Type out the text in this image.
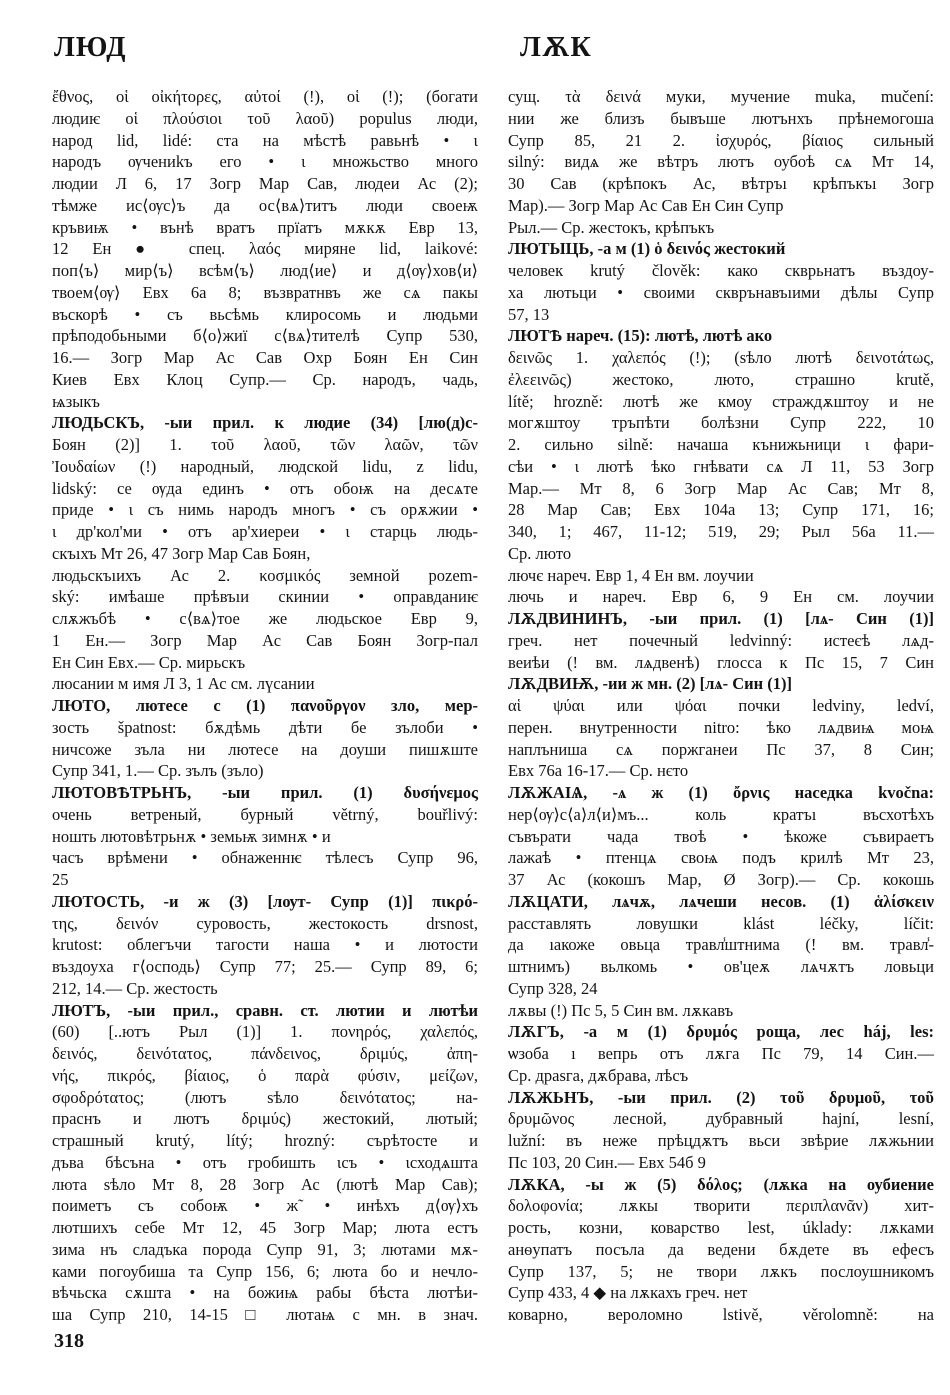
ЛЮД	ЛѪК
ἔθνος, οἱ οἰκήτορες, αὐτοί (!), οἱ (!); (богати
людиѥ οἱ πλούσιοι τοῦ λαοῦ) populus люди,
народ lid, lidé: ста на мѣстѣ равьнѣ • ι
народъ ѹчениkъ его • ι множьство много
людии Л 6, 17 Зогр Мар Сав, людеи Ас (2);
тѣмже ис⟨ѹс⟩ъ да ос⟨вѧ⟩титъ люди своеѭ
кръвиѭ • вънѣ вратъ прїатъ мѫкѫ Евр 13,
12 Ен ● спец. λαός миряне lid, laikové:
поп⟨ъ⟩ мир⟨ъ⟩ всѣм⟨ъ⟩ люд⟨ие⟩ и д⟨ѹ⟩хов⟨и⟩
твоем⟨ѹ⟩ Евх 6а 8; възвратнвъ же сѧ пакы
въскорѣ • съ вьсѣмь клиросомь и людьми
прѣподобьными б⟨о⟩жиї с⟨вѧ⟩тителѣ Супр 530,
16.— Зогр Мар Ас Сав Охр Боян Ен Син
Киев Евх Клоц Супр.— Ср. народъ, чадь,
ѩзыкъ
ЛЮДЬСКЪ, -ыи прил. к людие (34) [лю(д)с-
Боян (2)] 1. τοῦ λαοῦ, τῶν λαῶν, τῶν
Ἰουδαίων (!) народный, людской lidu, z lidu,
lidský: се ѹда единъ • отъ обоѭ на десѧте
приде • ι съ нимь народъ многъ • съ орѫжии •
ι др'кол'ми • отъ ар'хиереи • ι старць людь-
скъıхъ Мт 26, 47 Зогр Мар Сав Боян,
людьскъıихъ Ас 2. κοσμικός земной pozem-
ský: имѣаше прѣвъıи скинии • оправданиѥ
слѫжъбѣ • с⟨вѧ⟩тое же людьское Евр 9,
1 Ен.— Зогр Мар Ас Сав Боян Зогр-пал
Ен Син Евх.— Ср. мирьскъ
люсании м имя Л 3, 1 Ас см. лүсании
ЛЮТО, лютесе с (1) πανοῦργον зло, мер-
зость špatnost: бѫдѣмь дѣти бе зълоби •
ничсоже зъла ни лютесе на доуши пишѫште
Супр 341, 1.— Ср. зълъ (зъло)
ЛЮТОВѢТРЬНЪ, -ыи прил. (1) δυσήνεμος
очень ветреный, бурный větrný, bouřlivý:
ношть лютовѣтрьнѫ • земьѭ зимнѫ • и
часъ врѣмени • обнаженнѥ тѣлесъ Супр 96,
25
ЛЮТОСТЬ, -и ж (3) [лѹт- Супр (1)] πικρό-
της, δεινόν суровость, жестокость drsnost,
krutost: облегъчи тагости наша • и лютости
въздоуха г⟨осподь⟩ Супр 77; 25.— Супр 89, 6;
212, 14.— Ср. жестость
ЛЮТЪ, -ыи прил., сравн. ст. лютии и лютѣи
(60) [..ютъ Рыл (1)] 1. πονηρός, χαλεπός,
δεινός, δεινότατος, πάνδεινος, δριμύς, ἀπη-
νής, πικρός, βίαιος, ὁ παρὰ φύσιν, μείζων,
σφοδρότατος; (лютъ ѕѣло δεινότατος; на-
праснъ и лютъ δριμύς) жестокий, лютый;
страшный krutý, lítý; hrozný: сърѣтосте и
дъва бѣсъна • отъ гробишть ιсъ • ιсходѧшта
люта ѕѣло Мт 8, 28 Зогр Ас (лютѣ Мар Сав);
поиметъ съ собоѭ • ж̃ • инѣхъ д⟨ѹ⟩хъ
лютшихъ себе Мт 12, 45 Зогр Мар; люта естъ
зима нъ сладъка порода Супр 91, 3; лютами мѫ-
ками погоубиша та Супр 156, 6; люта бо и нечло-
вѣчьска сѫшта • на божиѩ рабы бѣста лютѣи-
ша Супр 210, 14-15 □ лютаѩ с мн. в знач.
сущ. τὰ δεινά муки, мучение muka, mučení:
нии же близъ бывъше лютънхъ прѣнемогоша
Супр 85, 21 2. ἰσχυρός, βίαιος сильный
silný: видѧ же вѣтръ лютъ оубоѣ сѧ Мт 14,
30 Сав (крѣпокъ Ас, вѣтръı крѣпъкъı Зогр
Мар).— Зогр Мар Ас Сав Ен Син Супр
Рыл.— Ср. жестокъ, крѣпъкъ
ЛЮТЫЦЬ, -а м (1) ὁ δεινός жестокий
человек krutý člověk: како скврьнатъ въздоу-
ха лютьци • своими скврънавъıими дѣлы Супр
57, 13
ЛЮТѢ нареч. (15): лютѣ, лютѣ ако
δεινῶς 1. χαλεπός (!); (ѕѣло лютѣ δεινοτάτως,
ἐλεεινῶς) жестоко, люто, страшно krutě,
lítě; hrozně: лютѣ же кмоу страждѫштоу и не
могѫштоу тръпѣти болѣзни Супр 222, 10
2. сильно silně: начаша кънижьници ι фари-
сѣи • ι лютѣ ѣко гнѣвати сѧ Л 11, 53 Зогр
Мар.— Мт 8, 6 Зогр Мар Ас Сав; Мт 8,
28 Мар Сав; Евх 104а 13; Супр 171, 16;
340, 1; 467, 11-12; 519, 29; Рыл 56а 11.—
Ср. люто
лючє нареч. Евр 1, 4 Ен вм. лоучии
лючь и нареч. Евр 6, 9 Ен см. лоучии
ЛѪДВИНИНЪ, -ыи прил. (1) [лѧ- Син (1)]
греч. нет почечный ledvinný: истеєѣ лѧд-
веиѣи (! вм. лѧдвенѣ) глосса к Пс 15, 7 Син
ЛѪДВИѬ, -ии ж мн. (2) [лѧ- Син (1)]
αἱ ψύαι или ψόαι почки ledviny, ledví,
перен. внутренности nitro: ѣко лѧдвиѩ моѩ
наплъниша сѧ поржганеи Пс 37, 8 Син;
Евх 76а 16-17.— Ср. нєто
ЛѪЖАІѦ, -ѧ ж (1) ὄρνις наседка kvočna:
нер⟨ѹ⟩с⟨а⟩л⟨и⟩мъ... коль кратъı въсхотѣхъ
съвърати чада твоѣ • ѣкоже съвираетъ
лажаѣ • птенцѧ своѩ подъ крилѣ Мт 23,
37 Ас (кокошъ Мар, Ø Зогр).— Ср. кокошь
ЛѪЦАТИ, лѧчѫ, лѧчеши несов. (1) ἁλίσκειν
расставлять ловушки klást léčky, líčit:
да ıакоже овьца травл̾штнима (! вм. травл̾-
штнимъ) вьлкомь • ов'цеѫ лѧчѫтъ ловьци
Супр 328, 24
лѫвы (!) Пс 5, 5 Син вм. лѫкавъ
ЛѪГЪ, -а м (1) δρυμός роща, лес háj, les:
ѡзоба ı вепрь отъ лѫга Пс 79, 14 Син.—
Ср. драѕга, дѫбрава, лѣсъ
ЛѪЖЬНЪ, -ыи прил. (2) τοῦ δρυμοῦ, τοῦ
δρυμῶνος лесной, дубравный hajní, lesní,
lužní: въ неже прѣцдѫтъ вьси звѣрие лѫжьнии
Пс 103, 20 Син.— Евх 54б 9
ЛѪКА, -ы ж (5) δόλος; (лѫка на оубиение
δολοφονία; лѫкы творити περιπλανᾶν) хит-
рость, козни, коварство lest, úklady: лѫками
анѳупатъ посъла да ведени бѫдете въ ефесъ
Супр 137, 5; не твори лѫкъ послоушникомъ
Супр 433, 4 ◆ на лѫкахъ греч. нет
коварно, вероломно lstivě, věrolomně: на
318
